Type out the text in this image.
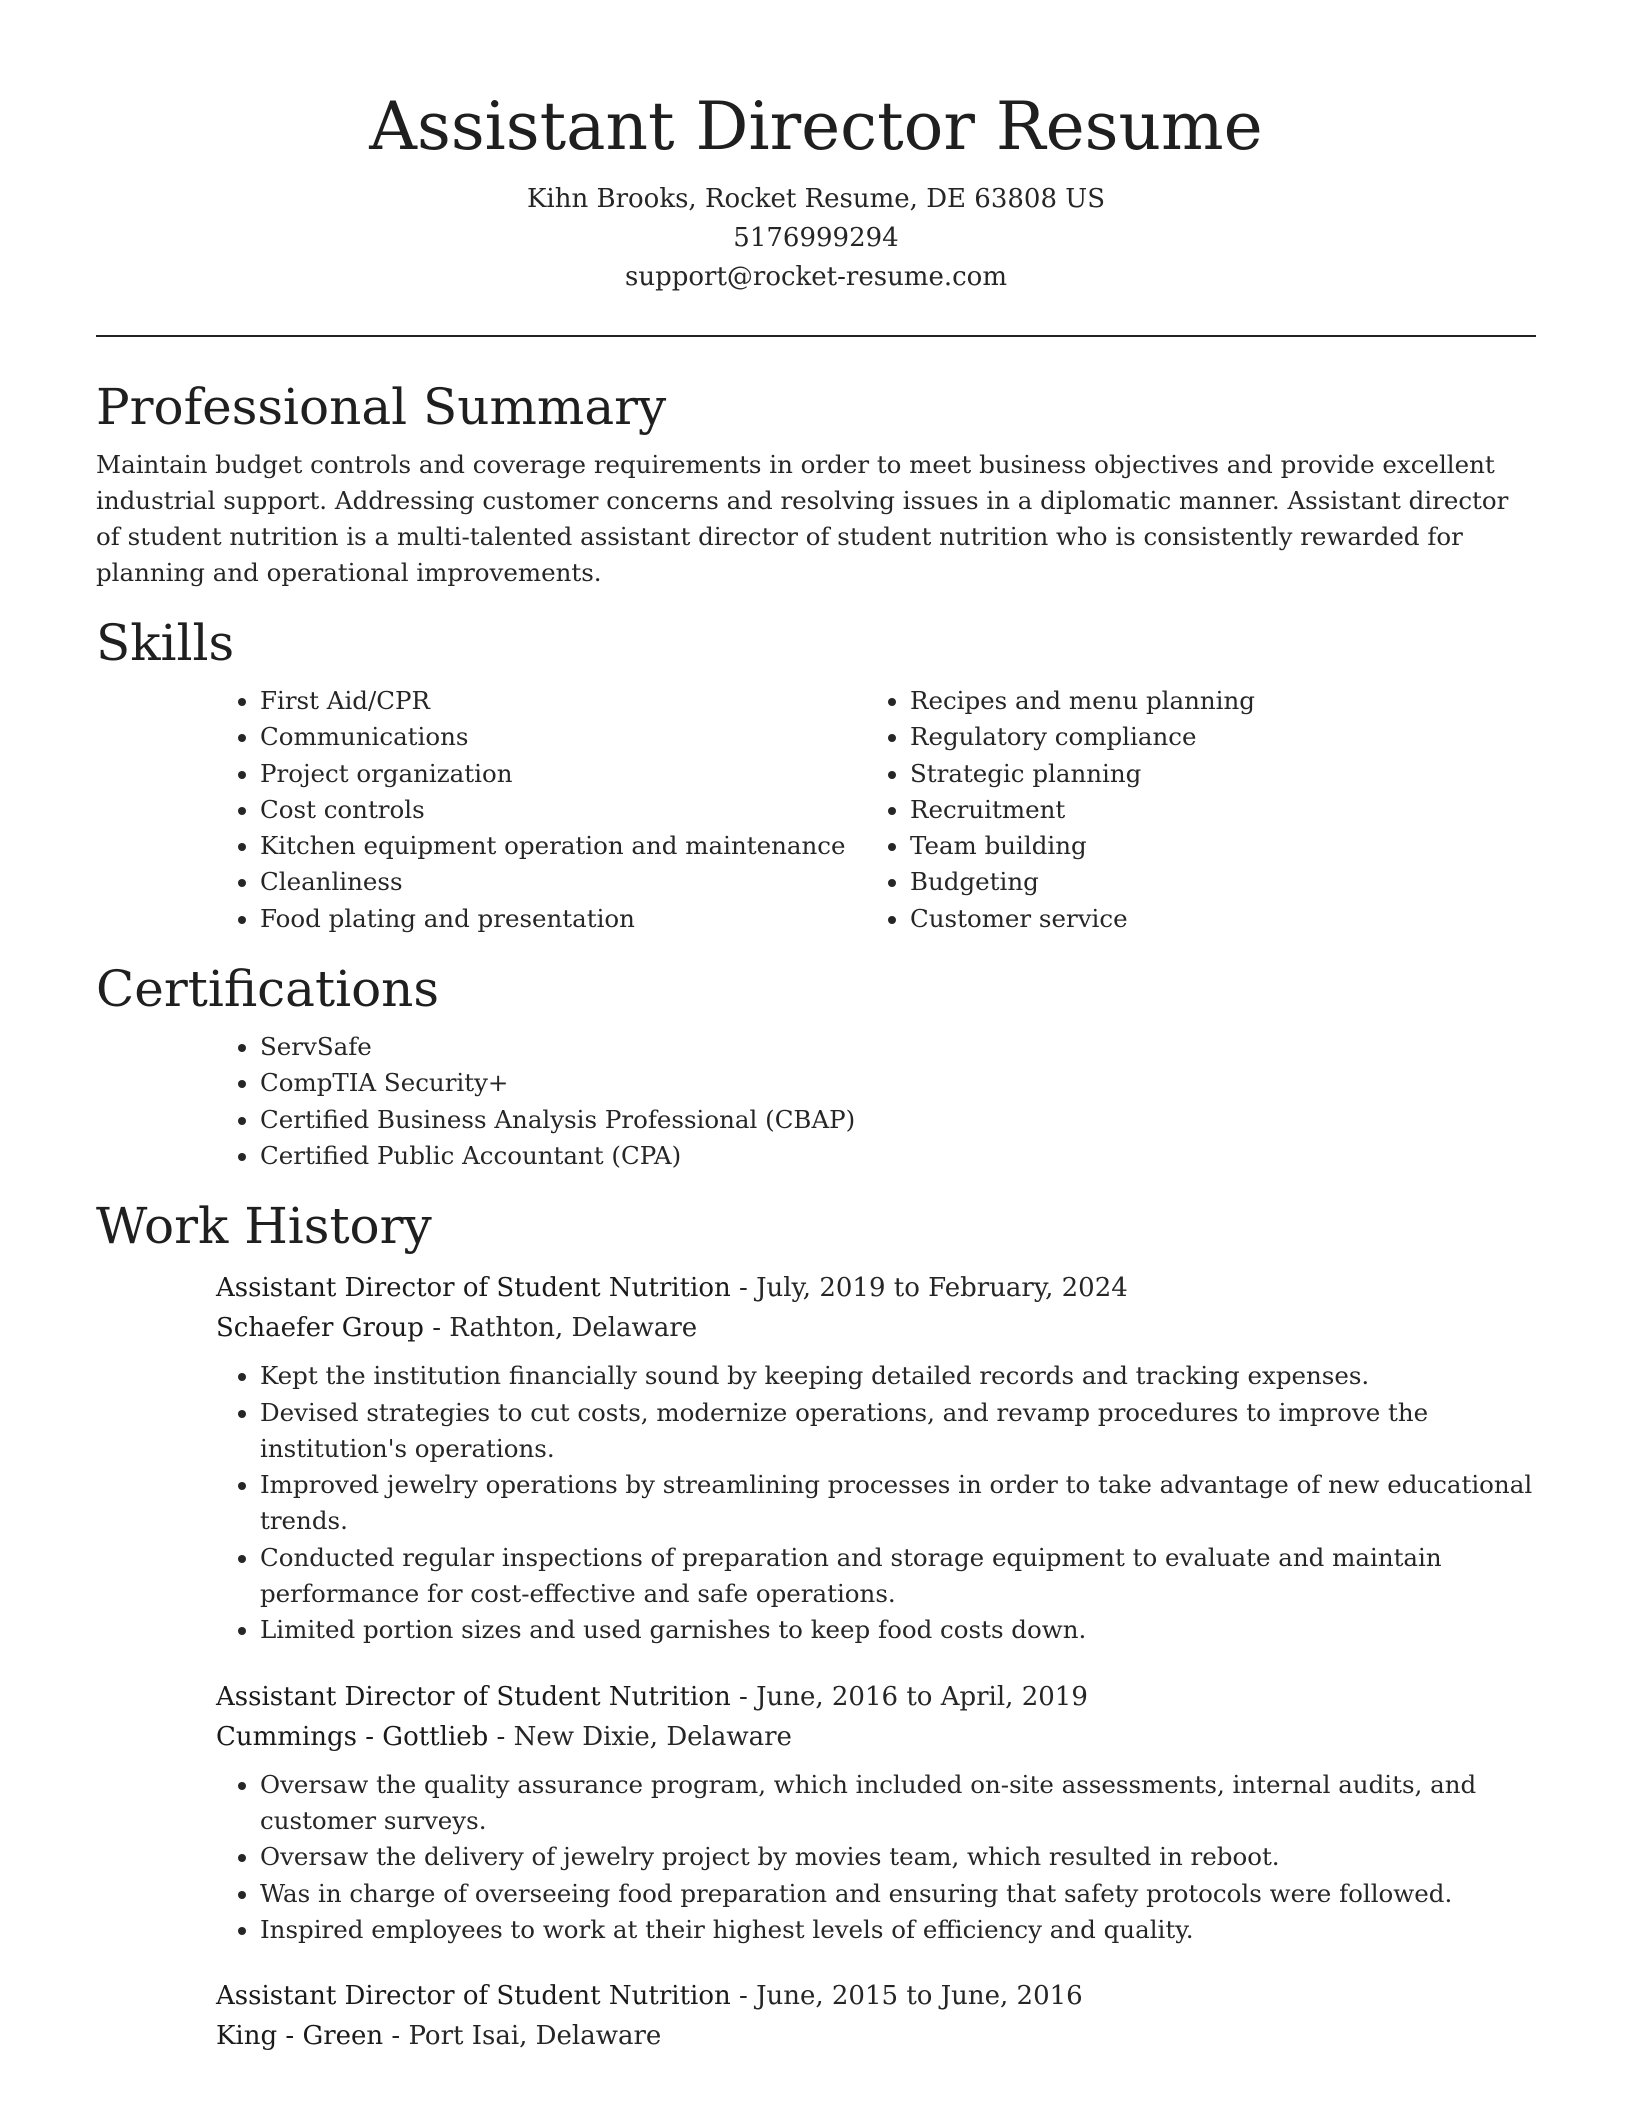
Assistant Director Resume

Kihn Brooks, Rocket Resume, DE 63808 US

5176999294

support@rocket-resume.com

Professional Summary

Maintain budget controls and coverage requirements in order to meet business objectives and provide excellent industrial support. Addressing customer concerns and resolving issues in a diplomatic manner. Assistant director of student nutrition is a multi-talented assistant director of student nutrition who is consistently rewarded for planning and operational improvements.

Skills
• First Aid/CPR
• Communications
• Project organization
• Cost controls
• Kitchen equipment operation and maintenance
• Cleanliness
• Food plating and presentation
• Recipes and menu planning
• Regulatory compliance
• Strategic planning
• Recruitment
• Team building
• Budgeting
• Customer service
Certifications
• ServSafe
• CompTIA Security+
• Certified Business Analysis Professional (CBAP)
• Certified Public Accountant (CPA)
Work History

Assistant Director of Student Nutrition - July, 2019 to February, 2024

Schaefer Group - Rathton, Delaware

• Kept the institution financially sound by keeping detailed records and tracking expenses.
• Devised strategies to cut costs, modernize operations, and revamp procedures to improve the institution's operations.
• Improved jewelry operations by streamlining processes in order to take advantage of new educational trends.
• Conducted regular inspections of preparation and storage equipment to evaluate and maintain performance for cost-effective and safe operations.
• Limited portion sizes and used garnishes to keep food costs down.

Assistant Director of Student Nutrition - June, 2016 to April, 2019

Cummings - Gottlieb - New Dixie, Delaware

• Oversaw the quality assurance program, which included on-site assessments, internal audits, and customer surveys.
• Oversaw the delivery of jewelry project by movies team, which resulted in reboot.
• Was in charge of overseeing food preparation and ensuring that safety protocols were followed.
• Inspired employees to work at their highest levels of efficiency and quality.

Assistant Director of Student Nutrition - June, 2015 to June, 2016

King - Green - Port Isai, Delaware
